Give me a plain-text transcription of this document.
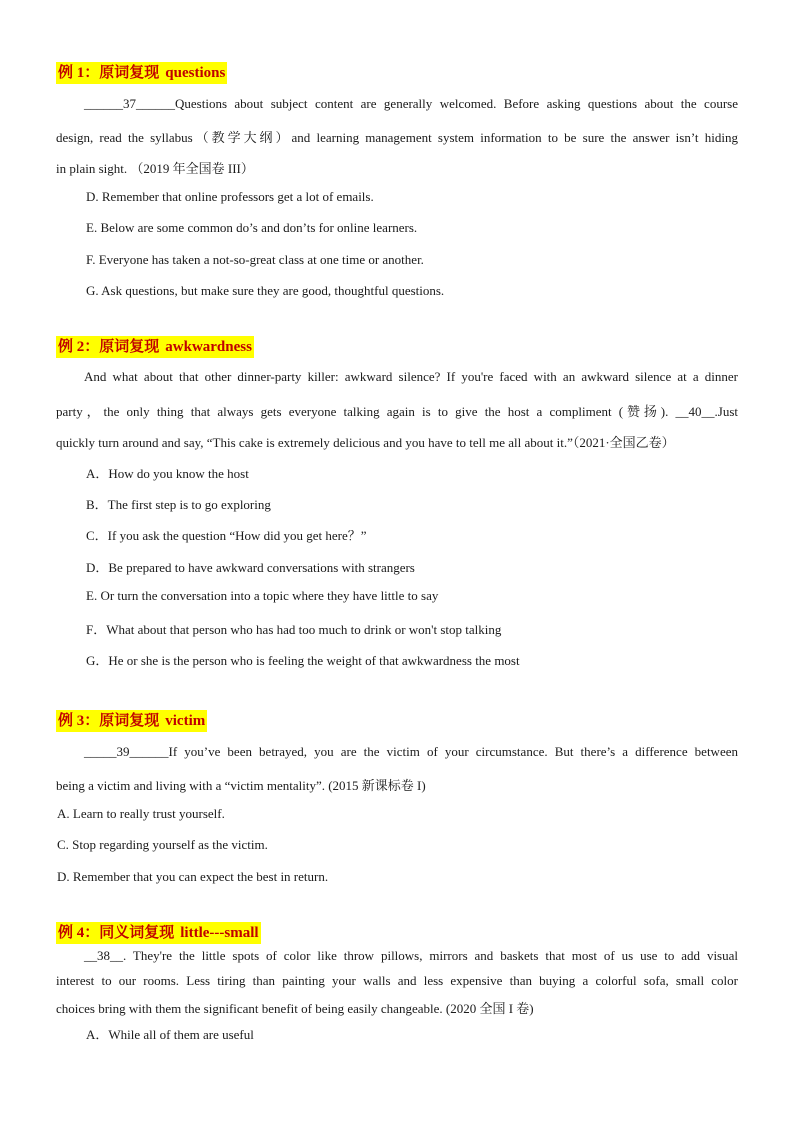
例 1：原词复现 questions
______37______Questions about subject content are generally welcomed. Before asking questions about the course
design, read the syllabus（教学大纲）and learning management system information to be sure the answer isn’t hiding
in plain sight. （2019 年全国卷 III）
D. Remember that online professors get a lot of emails.
E. Below are some common do’s and don’ts for online learners.
F. Everyone has taken a not-so-great class at one time or another.
G. Ask questions, but make sure they are good, thoughtful questions.
例 2：原词复现 awkwardness
And what about that other dinner-party killer: awkward silence? If you're faced with an awkward silence at a dinner
party，the only thing that always gets everyone talking again is to give the host a compliment (赞扬). __40__.Just
quickly turn around and say, “This cake is extremely delicious and you have to tell me all about it.”（2021·全国乙卷）
A．How do you know the host
B．The first step is to go exploring
C．If you ask the question “How did you get here？”
D．Be prepared to have awkward conversations with strangers
E. Or turn the conversation into a topic where they have little to say
F．What about that person who has had too much to drink or won't stop talking
G．He or she is the person who is feeling the weight of that awkwardness the most
例 3：原词复现 victim
_____39______If you’ve been betrayed, you are the victim of your circumstance. But there’s a difference between
being a victim and living with a “victim mentality”. (2015 新课标卷 I)
A. Learn to really trust yourself.
C. Stop regarding yourself as the victim.
D. Remember that you can expect the best in return.
例 4：同义词复现 little---small
__38__. They're the little spots of color like throw pillows, mirrors and baskets that most of us use to add visual
interest to our rooms. Less tiring than painting your walls and less expensive than buying a colorful sofa, small color
choices bring with them the significant benefit of being easily changeable. (2020 全国 I 卷)
A．While all of them are useful
